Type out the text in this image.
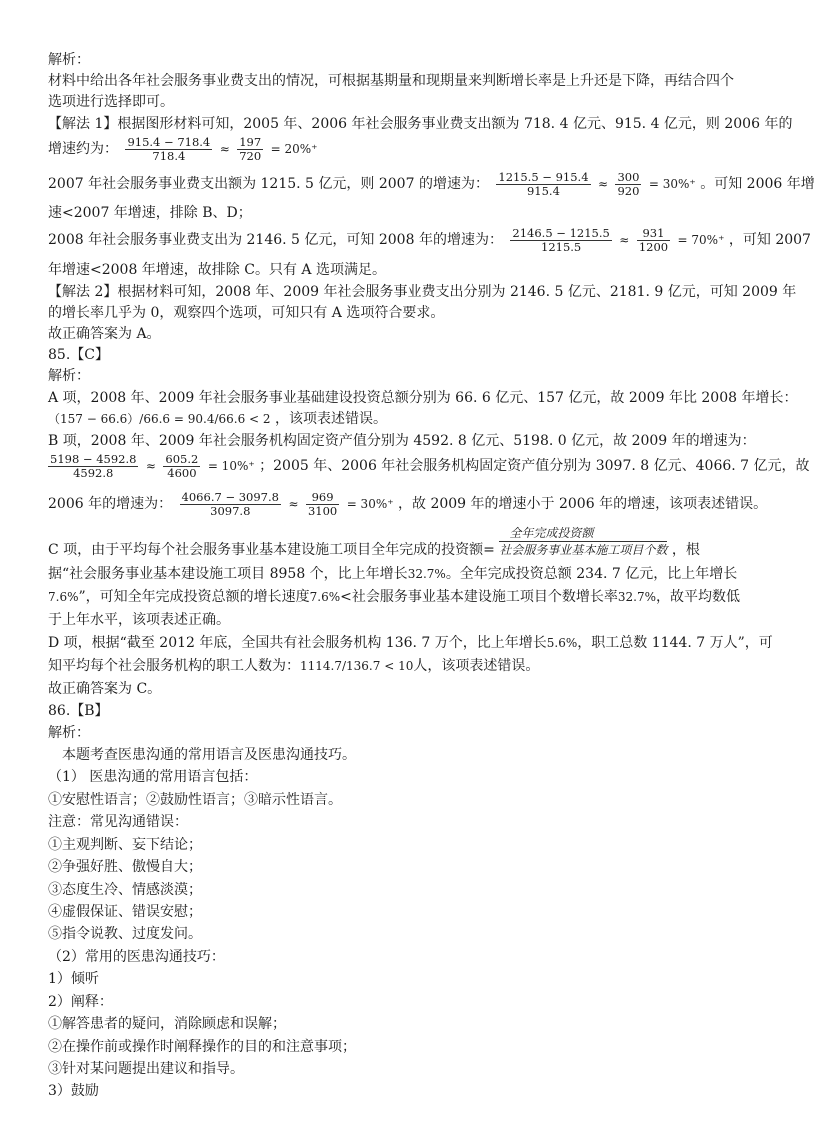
解析：
材料中给出各年社会服务事业费支出的情况，可根据基期量和现期量来判断增长率是上升还是下降，再结合四个
选项进行选择即可。
【解法 1】根据图形材料可知，2005 年、2006 年社会服务事业费支出额为 718. 4 亿元、915. 4 亿元，则 2006 年的
增速约为： $\frac{915.4 - 718.4}{718.4} \approx \frac{197}{720} = 20\%^+$
2007 年社会服务事业费支出额为 1215. 5 亿元，则 2007 的增速为： $\frac{1215.5 - 915.4}{915.4} \approx \frac{300}{920} = 30\%^+$ 。可知 2006 年增
速<2007 年增速，排除 B、D；
2008 年社会服务事业费支出为 2146. 5 亿元，可知 2008 年的增速为： $\frac{2146.5 - 1215.5}{1215.5} \approx \frac{931}{1200} = 70\%^+$ ，可知 2007
年增速<2008 年增速，故排除 C。只有 A 选项满足。
【解法 2】根据材料可知，2008 年、2009 年社会服务事业费支出分别为 2146. 5 亿元、2181. 9 亿元，可知 2009 年
的增长率几乎为 0，观察四个选项，可知只有 A 选项符合要求。
故正确答案为 A。
85.【C】
解析：
A 项，2008 年、2009 年社会服务事业基础建设投资总额分别为 66. 6 亿元、157 亿元，故 2009 年比 2008 年增长：
（157 − 66.6）/66.6 = 90.4/66.6 < 2 ，该项表述错误。
B 项，2008 年、2009 年社会服务机构固定资产值分别为 4592. 8 亿元、5198. 0 亿元，故 2009 年的增速为：
$\frac{5198 - 4592.8}{4592.8} \approx \frac{605.2}{4600} = 10\%^+$ ；2005 年、2006 年社会服务机构固定资产值分别为 3097. 8 亿元、4066. 7 亿元，故
2006 年的增速为： $\frac{4066.7 - 3097.8}{3097.8} \approx \frac{969}{3100} = 30\%^+$ ，故 2009 年的增速小于 2006 年的增速，该项表述错误。
C 项，由于平均每个社会服务事业基本建设施工项目全年完成的投资额=
全年完成投资额
社会服务事业基本施工项目个数 ，根
据“社会服务事业基本建设施工项目 8958 个，比上年增长32.7%。全年完成投资总额 234. 7 亿元，比上年增长
7.6%”，可知全年完成投资总额的增长速度7.6%<社会服务事业基本建设施工项目个数增长率32.7%，故平均数低
于上年水平，该项表述正确。
D 项，根据“截至 2012 年底，全国共有社会服务机构 136. 7 万个，比上年增长5.6%，职工总数 1144. 7 万人”，可
知平均每个社会服务机构的职工人数为：1114.7/136.7 < 10人，该项表述错误。
故正确答案为 C。
86.【B】
解析：
本题考查医患沟通的常用语言及医患沟通技巧。
（1） 医患沟通的常用语言包括：
①安慰性语言；②鼓励性语言；③暗示性语言。
注意：常见沟通错误：
①主观判断、妄下结论；
②争强好胜、傲慢自大；
③态度生冷、情感淡漠；
④虚假保证、错误安慰；
⑤指令说教、过度发问。
（2）常用的医患沟通技巧：
1）倾听
2）阐释：
①解答患者的疑问，消除顾虑和误解；
②在操作前或操作时阐释操作的目的和注意事项；
③针对某问题提出建议和指导。
3）鼓励
